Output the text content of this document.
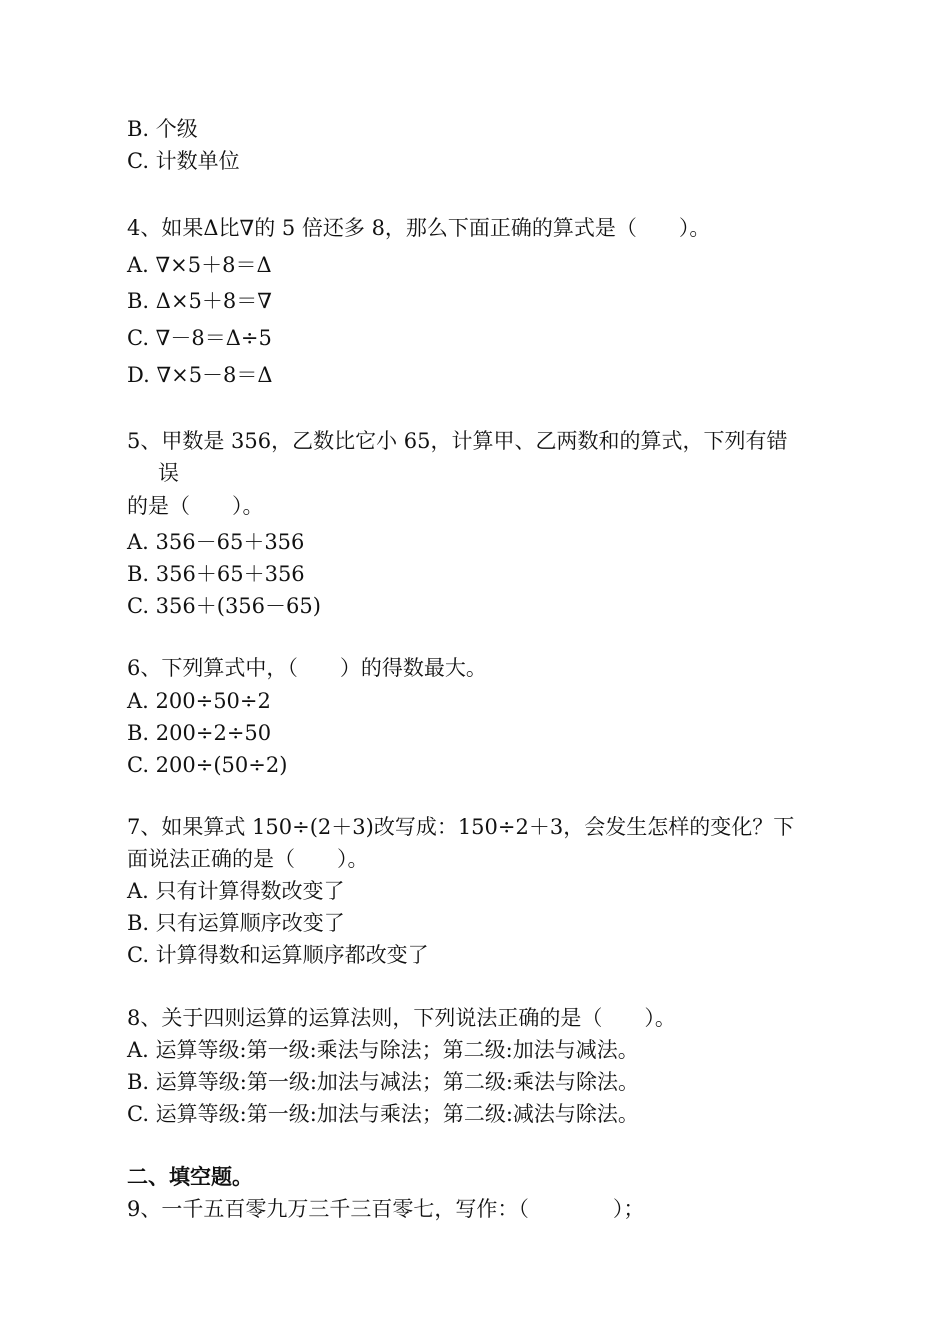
B. 个级
C. 计数单位
4、如果Δ比∇的 5 倍还多 8，那么下面正确的算式是（　　）。
A. ∇×5＋8＝Δ
B. Δ×5＋8＝∇
C. ∇－8＝Δ÷5
D. ∇×5－8＝Δ
5、甲数是 356，乙数比它小 65，计算甲、乙两数和的算式，下列有错
误
的是（　　）。
A. 356－65＋356
B. 356＋65＋356
C. 356＋(356－65)
6、下列算式中，（　　）的得数最大。
A. 200÷50÷2
B. 200÷2÷50
C. 200÷(50÷2)
7、如果算式 150÷(2＋3)改写成：150÷2＋3，会发生怎样的变化？下
面说法正确的是（　　）。
A. 只有计算得数改变了
B. 只有运算顺序改变了
C. 计算得数和运算顺序都改变了
8、关于四则运算的运算法则，下列说法正确的是（　　）。
A. 运算等级:第一级:乘法与除法；第二级:加法与减法。
B. 运算等级:第一级:加法与减法；第二级:乘法与除法。
C. 运算等级:第一级:加法与乘法；第二级:减法与除法。
二、填空题。
9、一千五百零九万三千三百零七，写作：（　　　　）；
